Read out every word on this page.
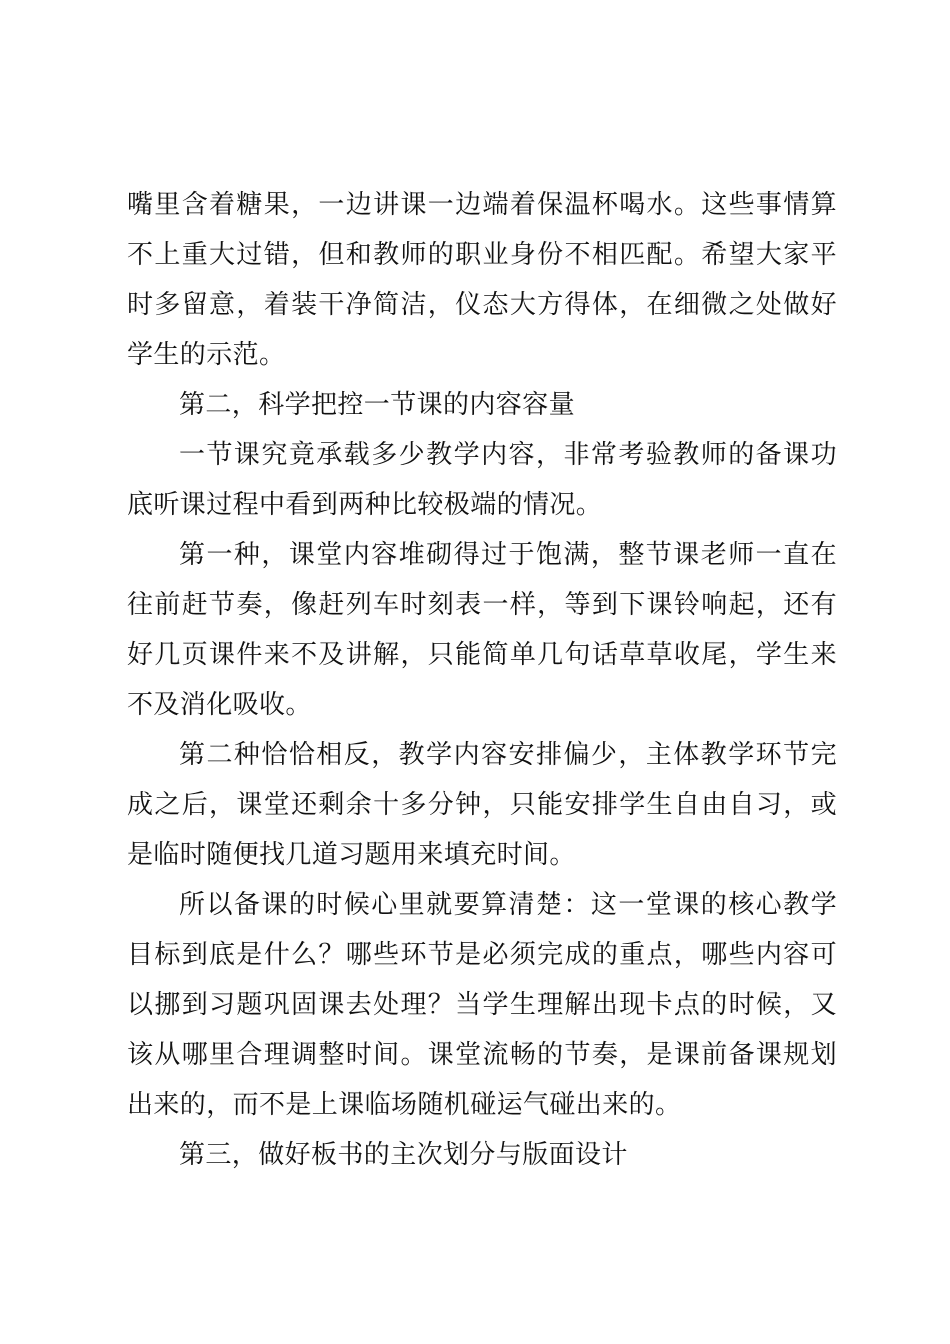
嘴里含着糖果，一边讲课一边端着保温杯喝水。这些事情算不上重大过错，但和教师的职业身份不相匹配。希望大家平时多留意，着装干净简洁，仪态大方得体，在细微之处做好学生的示范。

第二，科学把控一节课的内容容量

一节课究竟承载多少教学内容，非常考验教师的备课功底听课过程中看到两种比较极端的情况。

第一种，课堂内容堆砌得过于饱满，整节课老师一直在往前赶节奏，像赶列车时刻表一样，等到下课铃响起，还有好几页课件来不及讲解，只能简单几句话草草收尾，学生来不及消化吸收。

第二种恰恰相反，教学内容安排偏少，主体教学环节完成之后，课堂还剩余十多分钟，只能安排学生自由自习，或是临时随便找几道习题用来填充时间。

所以备课的时候心里就要算清楚：这一堂课的核心教学目标到底是什么？哪些环节是必须完成的重点，哪些内容可以挪到习题巩固课去处理？当学生理解出现卡点的时候，又该从哪里合理调整时间。课堂流畅的节奏，是课前备课规划出来的，而不是上课临场随机碰运气碰出来的。

第三，做好板书的主次划分与版面设计
